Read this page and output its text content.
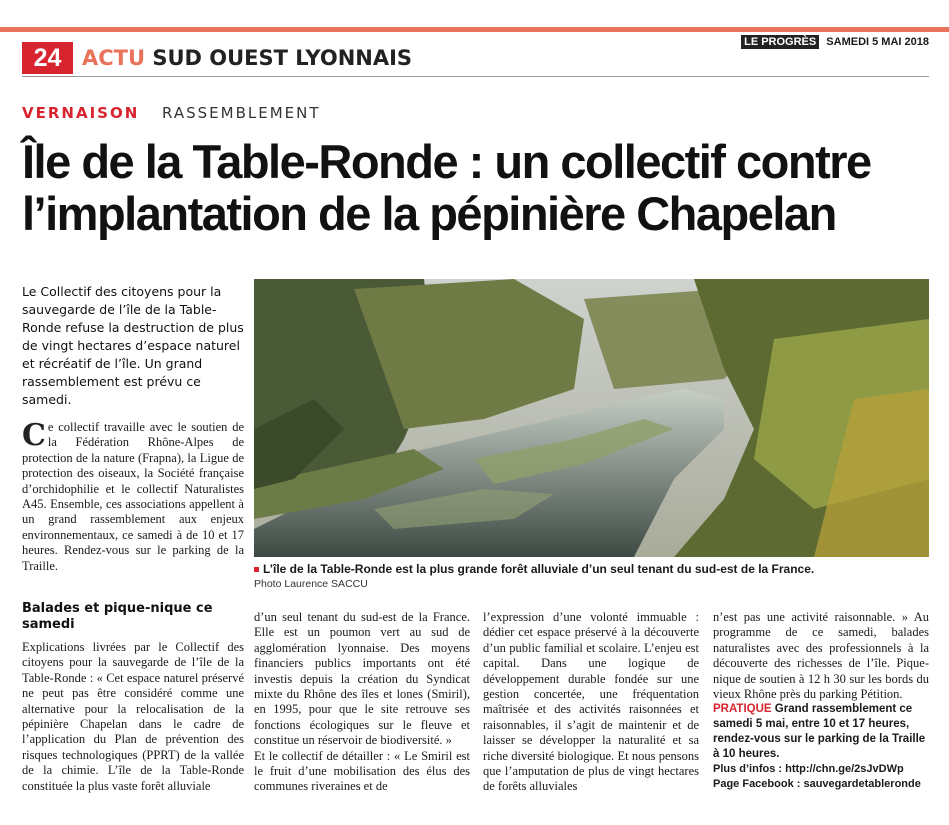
24 ACTU SUD OUEST LYONNAIS
LE PROGRÈS SAMEDI 5 MAI 2018
VERNAISON RASSEMBLEMENT
Île de la Table-Ronde : un collectif contre l’implantation de la pépinière Chapelan
Le Collectif des citoyens pour la sauvegarde de l’île de la Table-Ronde refuse la destruction de plus de vingt hectares d’espace naturel et récréatif de l’île. Un grand rassemblement est prévu ce samedi.
L’île de la Table-Ronde est la plus grande forêt alluviale d’un seul tenant du sud-est de la France.
Photo Laurence SACCU
Ce collectif travaille avec le soutien de la Fédération Rhône-Alpes de protection de la nature (Frapna), la Ligue de protection des oiseaux, la Société française d’orchidophilie et le collectif Naturalistes A45. Ensemble, ces associations appellent à un grand rassemblement aux enjeux environnementaux, ce samedi à de 10 et 17 heures. Rendez-vous sur le parking de la Traille.
Balades et pique-nique ce samedi
Explications livrées par le Collectif des citoyens pour la sauvegarde de l’île de la Table-Ronde : « Cet espace naturel préservé ne peut pas être considéré comme une alternative pour la relocalisation de la pépinière Chapelan dans le cadre de l’application du Plan de prévention des risques technologiques (PPRT) de la vallée de la chimie. L’île de la Table-Ronde constituée la plus vaste forêt alluviale

d’un seul tenant du sud-est de la France. Elle est un poumon vert au sud de agglomération lyonnaise. Des moyens financiers publics importants ont été investis depuis la création du Syndicat mixte du Rhône des îles et lones (Smiril), en 1995, pour que le site retrouve ses fonctions écologiques sur le fleuve et constitue un réservoir de biodiversité. »

Et le collectif de détailler : « Le Smiril est le fruit d’une mobilisation des élus des communes riveraines et de

l’expression d’une volonté immuable : dédier cet espace préservé à la découverte d’un public familial et scolaire. L’enjeu est capital. Dans une logique de développement durable fondée sur une gestion concertée, une fréquentation maîtrisée et des activités raisonnées et raisonnables, il s’agit de maintenir et de laisser se développer la naturalité et sa riche diversité biologique. Et nous pensons que l’amputation de plus de vingt hectares de forêts alluviales

n’est pas une activité raisonnable. » Au programme de ce samedi, balades naturalistes avec des professionnels à la découverte des richesses de l’île. Pique-nique de soutien à 12 h 30 sur les bords du vieux Rhône près du parking Pétition.

PRATIQUE Grand rassemblement ce samedi 5 mai, entre 10 et 17 heures, rendez-vous sur le parking de la Traille à 10 heures.

Plus d’infos : http://chn.ge/2sJvDWp

Page Facebook : sauvegardetableronde
